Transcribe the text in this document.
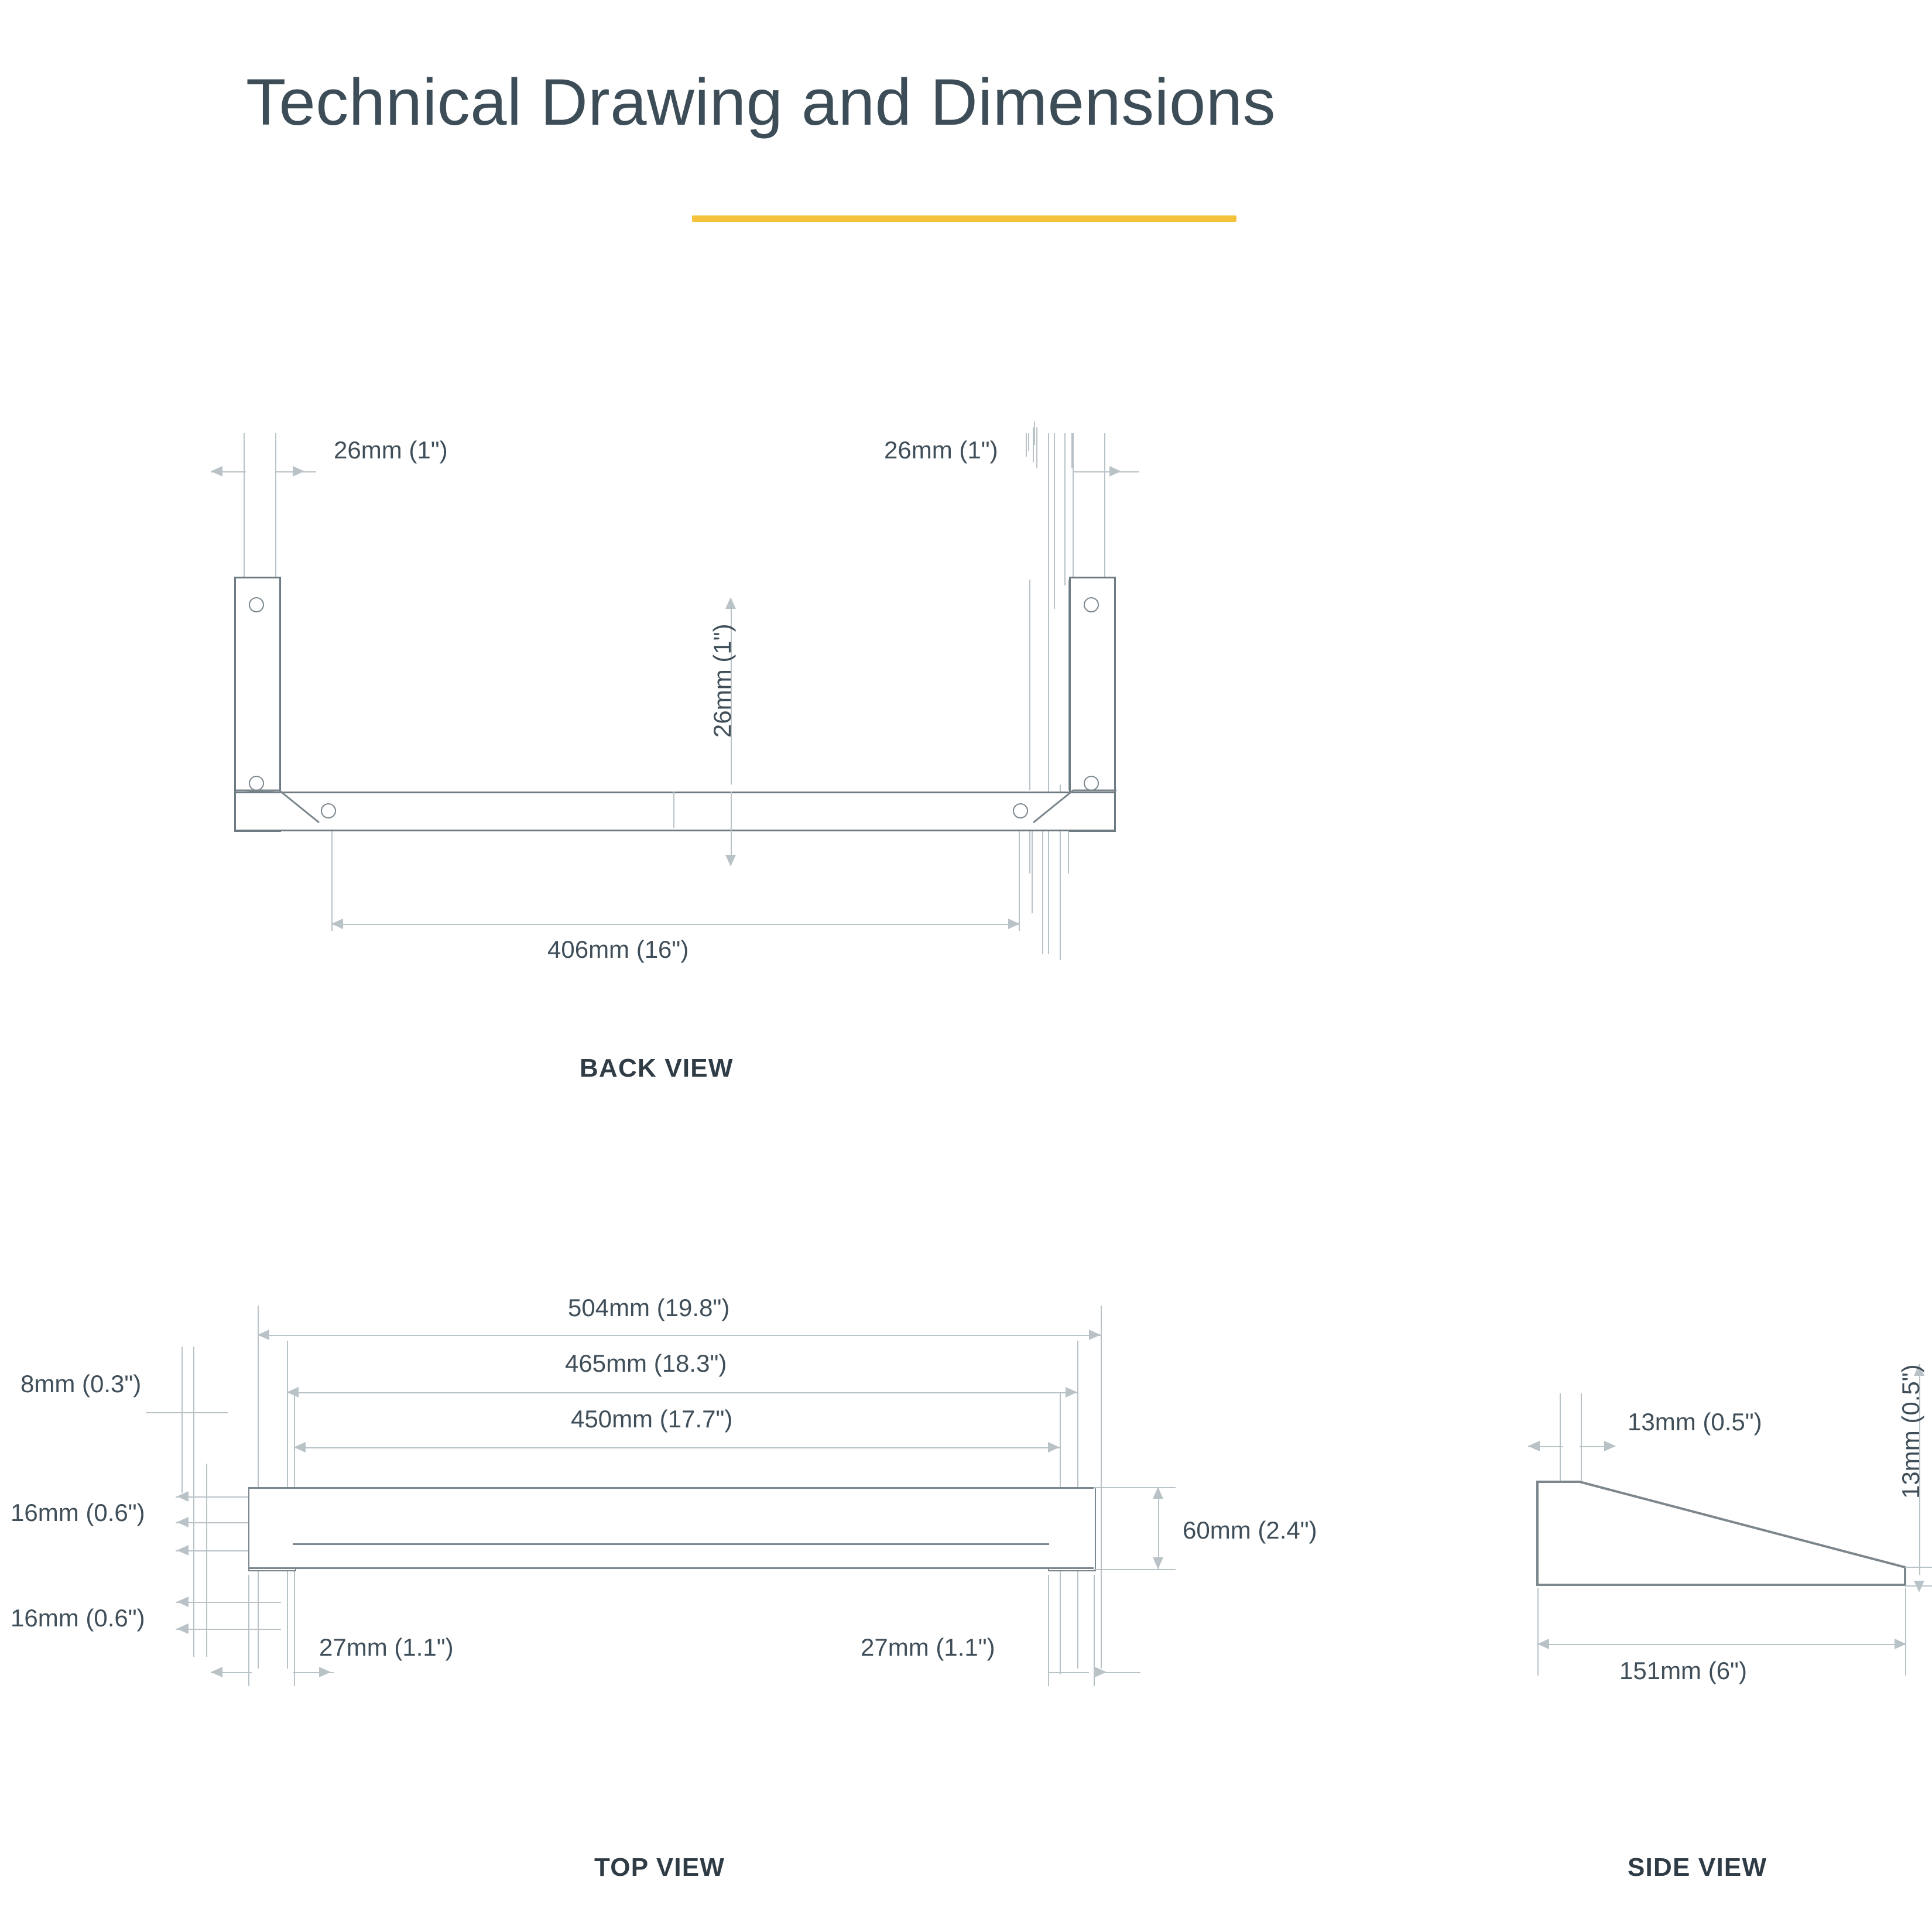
Technical Drawing and Dimensions
26mm (1")	26mm (1")
26mm (1")
406mm (16")
BACK VIEW
504mm (19.8")
465mm (18.3")
450mm (17.7")
8mm (0.3")
16mm (0.6")
16mm (0.6")
60mm (2.4")
27mm (1.1")	27mm (1.1")
TOP VIEW
13mm (0.5")	13mm (0.5")
151mm (6")
SIDE VIEW
